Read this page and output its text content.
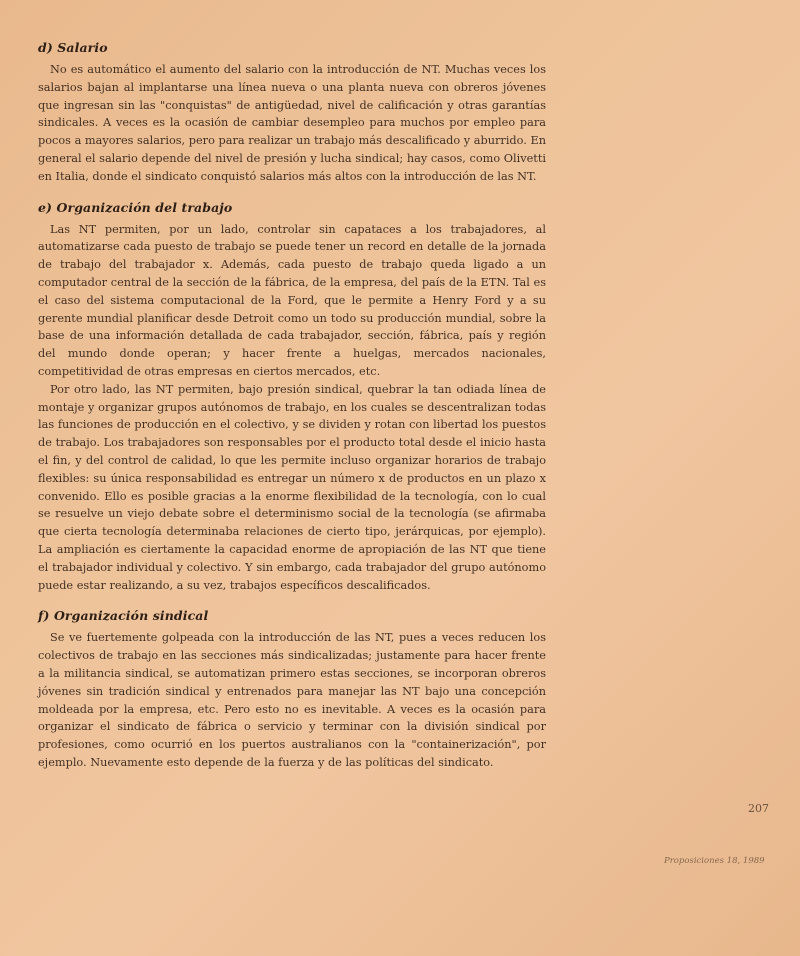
d) Salario

No es automático el aumento del salario con la introducción de NT. Muchas veces los salarios bajan al implantarse una línea nueva o una planta nueva con obreros jóvenes que ingresan sin las "conquistas" de antigüedad, nivel de calificación y otras garantías sindicales. A veces es la ocasión de cambiar desempleo para muchos por empleo para pocos a mayores salarios, pero para realizar un trabajo más descalificado y aburrido. En general el salario depende del nivel de presión y lucha sindical; hay casos, como Olivetti en Italia, donde el sindicato conquistó salarios más altos con la introducción de las NT.

e) Organización del trabajo

Las NT permiten, por un lado, controlar sin capataces a los trabajadores, al automatizarse cada puesto de trabajo se puede tener un record en detalle de la jornada de trabajo del trabajador x. Además, cada puesto de trabajo queda ligado a un computador central de la sección de la fábrica, de la empresa, del país de la ETN. Tal es el caso del sistema computacional de la Ford, que le permite a Henry Ford y a su gerente mundial planificar desde Detroit como un todo su producción mundial, sobre la base de una información detallada de cada trabajador, sección, fábrica, país y región del mundo donde operan; y hacer frente a huelgas, mercados nacionales, competitividad de otras empresas en ciertos mercados, etc.

Por otro lado, las NT permiten, bajo presión sindical, quebrar la tan odiada línea de montaje y organizar grupos autónomos de trabajo, en los cuales se descentralizan todas las funciones de producción en el colectivo, y se dividen y rotan con libertad los puestos de trabajo. Los trabajadores son responsables por el producto total desde el inicio hasta el fin, y del control de calidad, lo que les permite incluso organizar horarios de trabajo flexibles: su única responsabilidad es entregar un número x de productos en un plazo x convenido. Ello es posible gracias a la enorme flexibilidad de la tecnología, con lo cual se resuelve un viejo debate sobre el determinismo social de la tecnología (se afirmaba que cierta tecnología determinaba relaciones de cierto tipo, jerárquicas, por ejemplo). La ampliación es ciertamente la capacidad enorme de apropiación de las NT que tiene el trabajador individual y colectivo. Y sin embargo, cada trabajador del grupo autónomo puede estar realizando, a su vez, trabajos específicos descalificados.

f) Organización sindical

Se ve fuertemente golpeada con la introducción de las NT, pues a veces reducen los colectivos de trabajo en las secciones más sindicalizadas; justamente para hacer frente a la militancia sindical, se automatizan primero estas secciones, se incorporan obreros jóvenes sin tradición sindical y entrenados para manejar las NT bajo una concepción moldeada por la empresa, etc. Pero esto no es inevitable. A veces es la ocasión para organizar el sindicato de fábrica o servicio y terminar con la división sindical por profesiones, como ocurrió en los puertos australianos con la "containerización", por ejemplo. Nuevamente esto depende de la fuerza y de las políticas del sindicato.

207
Proposiciones 18, 1989
